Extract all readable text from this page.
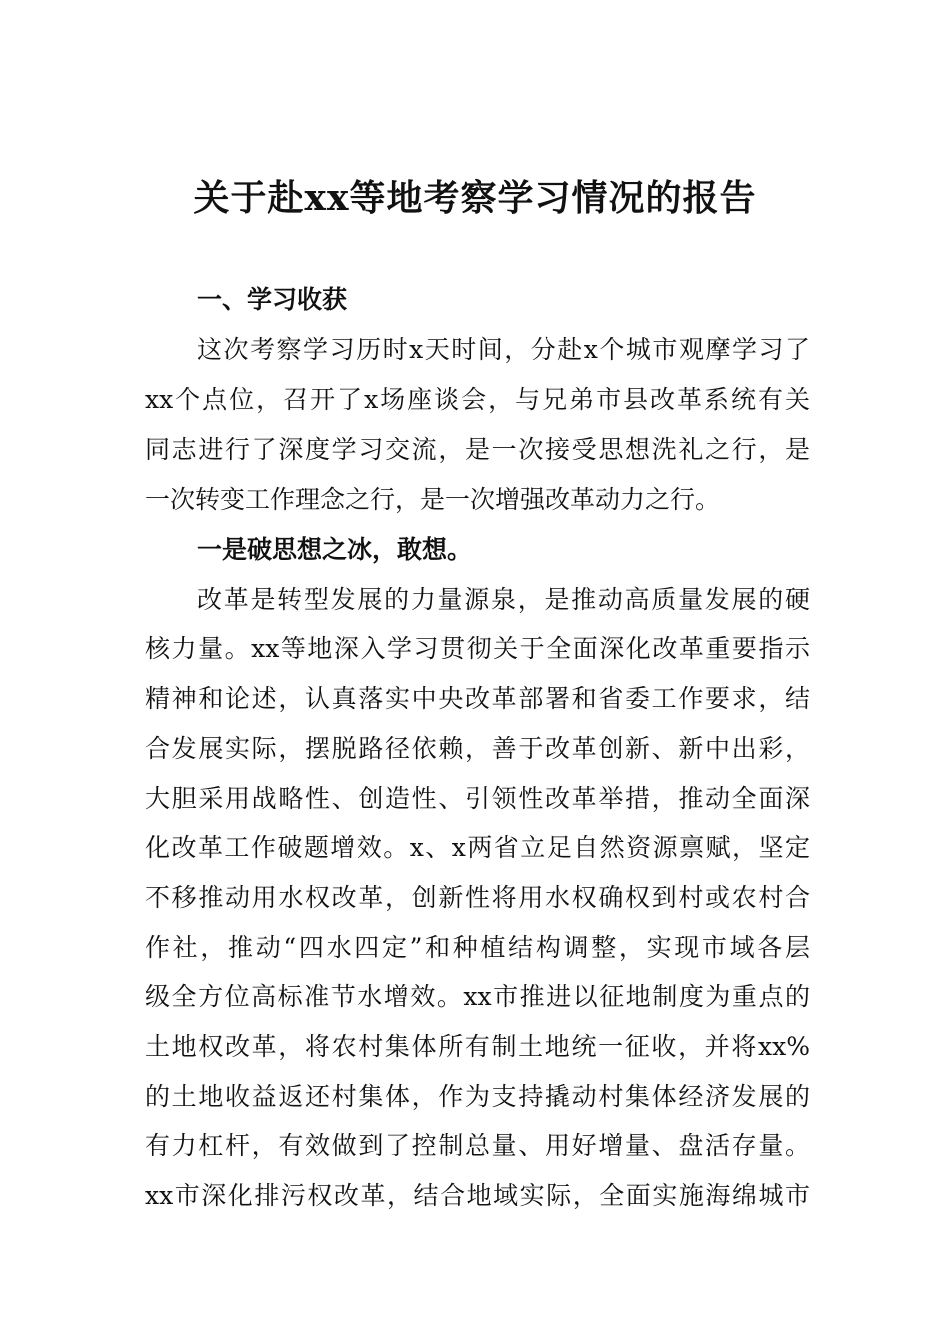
关于赴xx等地考察学习情况的报告
一、学习收获
这次考察学习历时x天时间，分赴x个城市观摩学习了
xx个点位，召开了x场座谈会，与兄弟市县改革系统有关
同志进行了深度学习交流，是一次接受思想洗礼之行，是
一次转变工作理念之行，是一次增强改革动力之行。
一是破思想之冰，敢想。
改革是转型发展的力量源泉，是推动高质量发展的硬
核力量。xx等地深入学习贯彻关于全面深化改革重要指示
精神和论述，认真落实中央改革部署和省委工作要求，结
合发展实际，摆脱路径依赖，善于改革创新、新中出彩，
大胆采用战略性、创造性、引领性改革举措，推动全面深
化改革工作破题增效。x、x两省立足自然资源禀赋，坚定
不移推动用水权改革，创新性将用水权确权到村或农村合
作社，推动“四水四定”和种植结构调整，实现市域各层
级全方位高标准节水增效。xx市推进以征地制度为重点的
土地权改革，将农村集体所有制土地统一征收，并将xx%
的土地收益返还村集体，作为支持撬动村集体经济发展的
有力杠杆，有效做到了控制总量、用好增量、盘活存量。
xx市深化排污权改革，结合地域实际，全面实施海绵城市
